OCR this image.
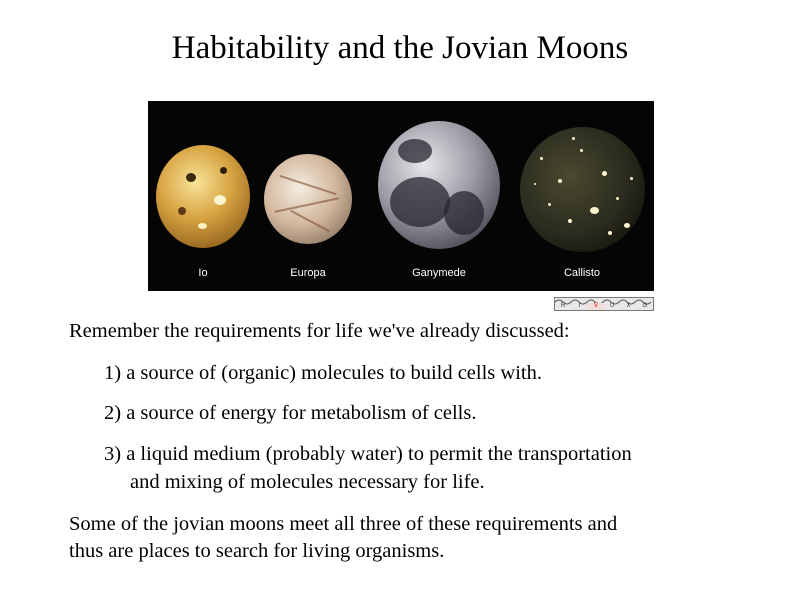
Habitability and the Jovian Moons
Io	Europa	Ganymede	Callisto
R	I	V	U	X	G
Remember the requirements for life we've already discussed:
1) a source of (organic) molecules to build cells with.
2) a source of energy for metabolism of cells.
3) a liquid medium (probably water) to permit the transportation
and mixing of molecules necessary for life.
Some of the jovian moons meet all three of these requirements and
thus are places to search for living organisms.
